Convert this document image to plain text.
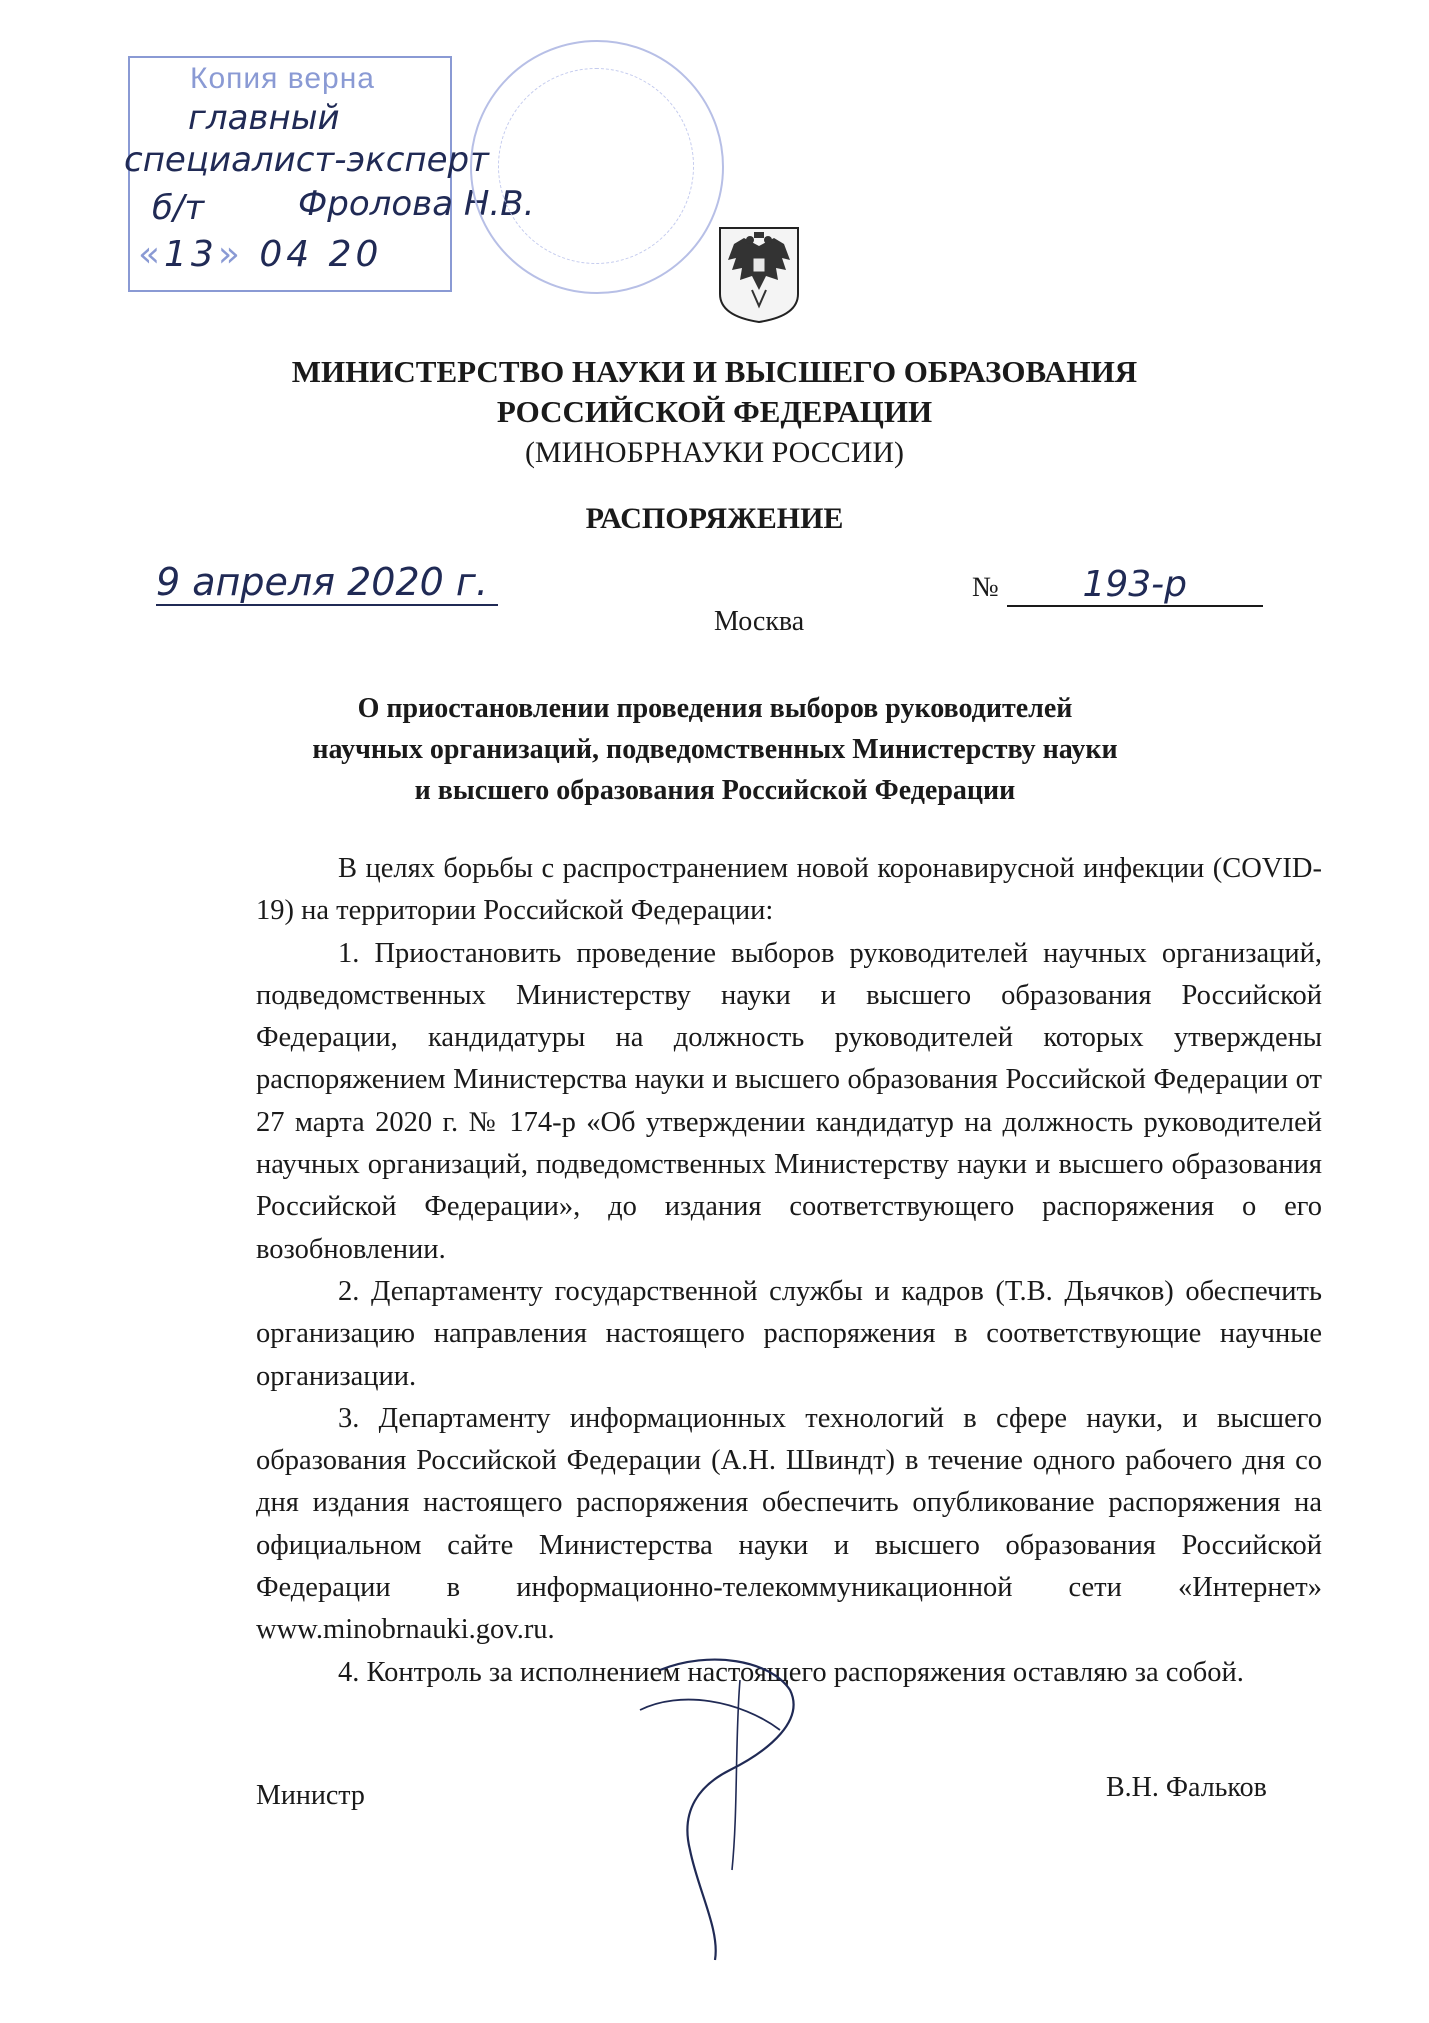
Копия верна
главный
специалист-эксперт
б/т	Фролова Н.В.
«13» 04 20
МИНИСТЕРСТВО НАУКИ И ВЫСШЕГО ОБРАЗОВАНИЯ
РОССИЙСКОЙ ФЕДЕРАЦИИ
(МИНОБРНАУКИ РОССИИ)
РАСПОРЯЖЕНИЕ
9 апреля 2020 г.
Москва
№ 193-р
О приостановлении проведения выборов руководителей
научных организаций, подведомственных Министерству науки
и высшего образования Российской Федерации

В целях борьбы с распространением новой коронавирусной инфекции (COVID-19) на территории Российской Федерации:

1. Приостановить проведение выборов руководителей научных организаций, подведомственных Министерству науки и высшего образования Российской Федерации, кандидатуры на должность руководителей которых утверждены распоряжением Министерства науки и высшего образования Российской Федерации от 27 марта 2020 г. № 174-р «Об утверждении кандидатур на должность руководителей научных организаций, подведомственных Министерству науки и высшего образования Российской Федерации», до издания соответствующего распоряжения о его возобновлении.

2. Департаменту государственной службы и кадров (Т.В. Дьячков) обеспечить организацию направления настоящего распоряжения в соответствующие научные организации.

3. Департаменту информационных технологий в сфере науки, и высшего образования Российской Федерации (А.Н. Швиндт) в течение одного рабочего дня со дня издания настоящего распоряжения обеспечить опубликование распоряжения на официальном сайте Министерства науки и высшего образования Российской Федерации в информационно-телекоммуникационной сети «Интернет» www.minobrnauki.gov.ru.

4. Контроль за исполнением настоящего распоряжения оставляю за собой.

Министр	В.Н. Фальков
